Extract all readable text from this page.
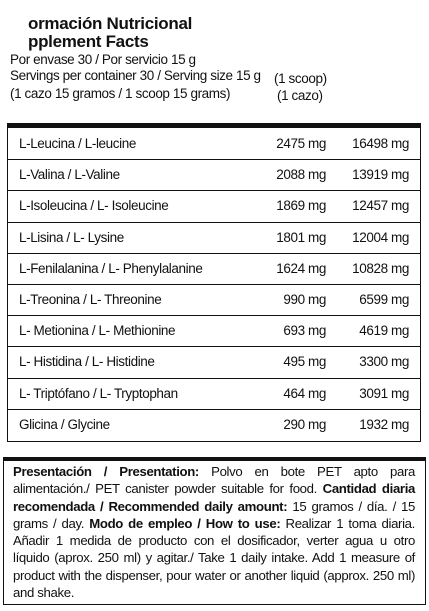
ormación Nutricional
pplement Facts
Por envase 30 / Por servicio 15 g
Servings per container 30 / Serving size 15 g
(1 cazo 15 gramos / 1 scoop 15 grams)
(1 scoop)
(1 cazo)
L-Leucina / L-leucine	2475 mg 16498 mg
L-Valina / L-Valine	2088 mg 13919 mg
L-Isoleucina / L- Isoleucine	1869 mg 12457 mg
L-Lisina / L- Lysine	1801 mg 12004 mg
L-Fenilalanina / L- Phenylalanine	1624 mg 10828 mg
L-Treonina / L- Threonine	990 mg 6599 mg
L- Metionina / L- Methionine	693 mg 4619 mg
L- Histidina / L- Histidine	495 mg 3300 mg
L- Triptófano / L- Tryptophan	464 mg 3091 mg
Glicina / Glycine	290 mg 1932 mg
Presentación / Presentation: Polvo en bote PET apto para alimentación./ PET canister powder suitable for food. Cantidad diaria recomendada / Recommended daily amount: 15 gramos / día. / 15 grams / day. Modo de empleo / How to use: Realizar 1 toma diaria. Añadir 1 medida de producto con el dosificador, verter agua u otro líquido (aprox. 250 ml) y agitar./ Take 1 daily intake. Add 1 measure of product with the dispenser, pour water or another liquid (approx. 250 ml) and shake.
